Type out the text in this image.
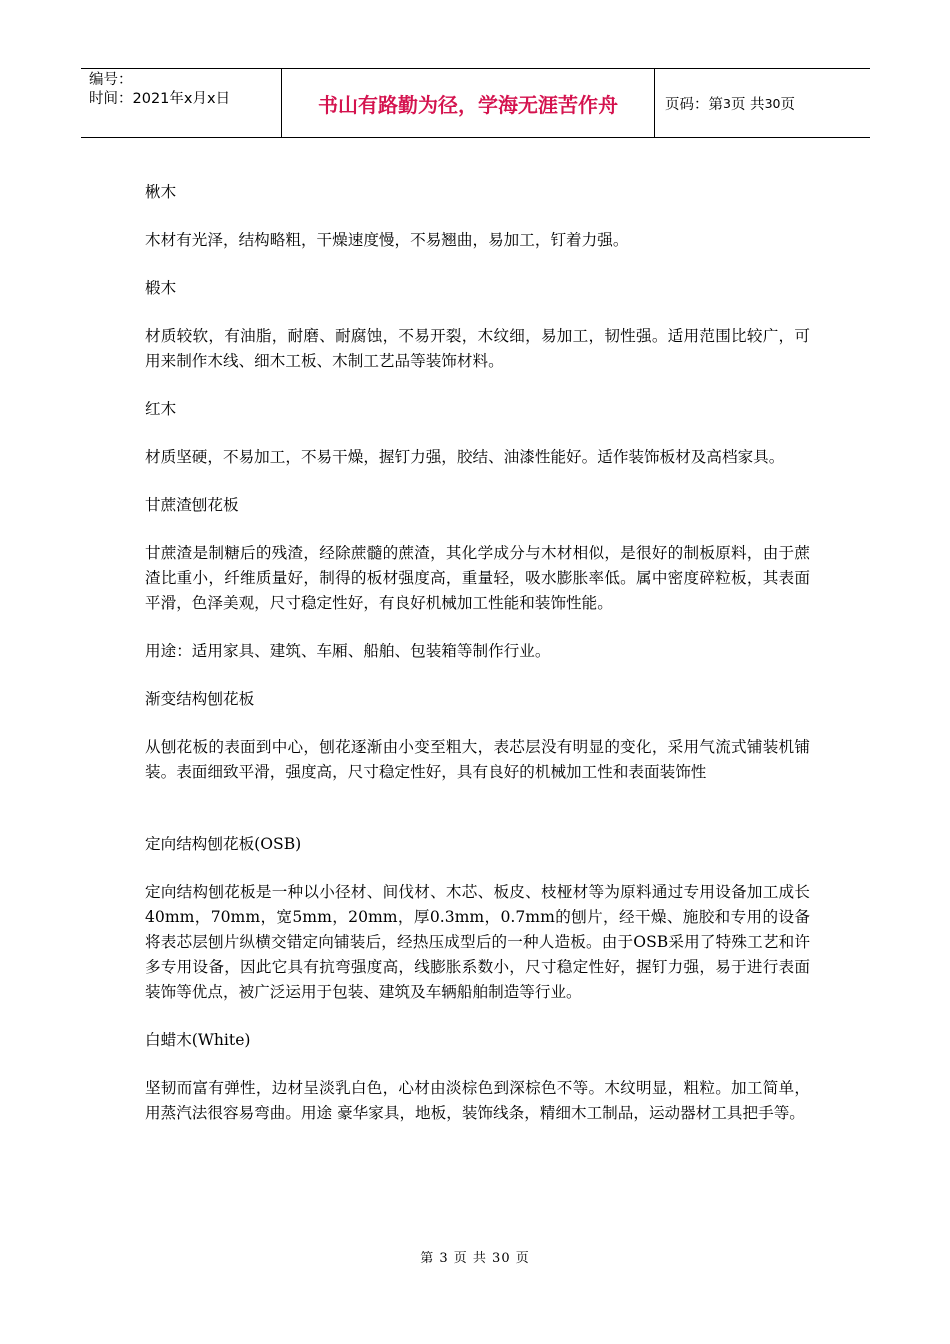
编号：
时间：2021年x月x日	书山有路勤为径，学海无涯苦作舟	页码：第 3 页 共 30 页

楸木

木材有光泽，结构略粗，干燥速度慢，不易翘曲，易加工，钉着力强。

椴木

材质较软，有油脂，耐磨、耐腐蚀，不易开裂，木纹细，易加工，韧性强。适用范围比较广，可用来制作木线、细木工板、木制工艺品等装饰材料。

红木

材质坚硬，不易加工，不易干燥，握钉力强，胶结、油漆性能好。适作装饰板材及高档家具。

甘蔗渣刨花板

甘蔗渣是制糖后的残渣，经除蔗髓的蔗渣，其化学成分与木材相似，是很好的制板原料，由于蔗渣比重小，纤维质量好，制得的板材强度高，重量轻，吸水膨胀率低。属中密度碎粒板，其表面平滑，色泽美观，尺寸稳定性好，有良好机械加工性能和装饰性能。

用途：适用家具、建筑、车厢、船舶、包装箱等制作行业。

渐变结构刨花板

从刨花板的表面到中心，刨花逐渐由小变至粗大，表芯层没有明显的变化，采用气流式铺装机铺装。表面细致平滑，强度高，尺寸稳定性好，具有良好的机械加工性和表面装饰性

定向结构刨花板(OSB)

定向结构刨花板是一种以小径材、间伐材、木芯、板皮、枝桠材等为原料通过专用设备加工成长40mm，70mm，宽5mm，20mm，厚0.3mm，0.7mm的刨片，经干燥、施胶和专用的设备将表芯层刨片纵横交错定向铺装后，经热压成型后的一种人造板。由于OSB采用了特殊工艺和许多专用设备，因此它具有抗弯强度高，线膨胀系数小，尺寸稳定性好，握钉力强，易于进行表面装饰等优点，被广泛运用于包装、建筑及车辆船舶制造等行业。

白蜡木(White)

坚韧而富有弹性，边材呈淡乳白色，心材由淡棕色到深棕色不等。木纹明显，粗粒。加工简单，用蒸汽法很容易弯曲。用途 豪华家具，地板，装饰线条，精细木工制品，运动器材工具把手等。

第 3 页 共 30 页
